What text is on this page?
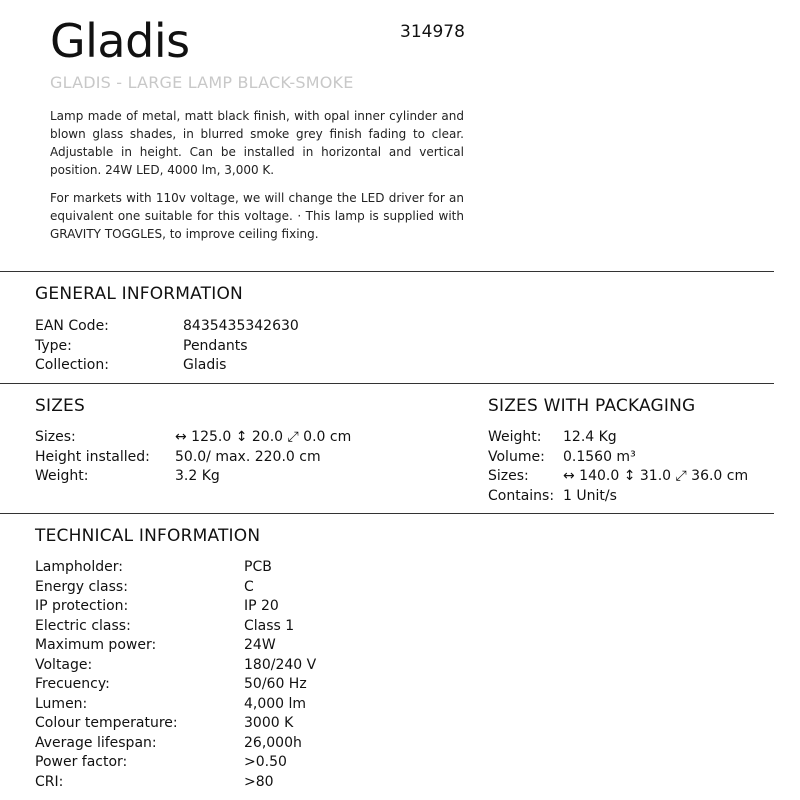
Gladis	314978
GLADIS - LARGE LAMP BLACK-SMOKE

Lamp made of metal, matt black finish, with opal inner cylinder and blown glass shades, in blurred smoke grey finish fading to clear. Adjustable in height. Can be installed in horizontal and vertical position. 24W LED, 4000 lm, 3,000 K.

For markets with 110v voltage, we will change the LED driver for an equivalent one suitable for this voltage. · This lamp is supplied with GRAVITY TOGGLES, to improve ceiling fixing.

GENERAL INFORMATION
EAN Code:	8435435342630
Type:	Pendants
Collection:	Gladis
SIZES
Sizes:	↔ 125.0 ↕ 20.0 ⤢ 0.0 cm
Height installed:	50.0/ max. 220.0 cm
Weight:	3.2 Kg
SIZES WITH PACKAGING
Weight:	12.4 Kg
Volume:	0.1560 m³
Sizes:	↔ 140.0 ↕ 31.0 ⤢ 36.0 cm
Contains: 1 Unit/s
TECHNICAL INFORMATION
Lampholder:	PCB
Energy class:	C
IP protection:	IP 20
Electric class:	Class 1
Maximum power:	24W
Voltage:	180/240 V
Frecuency:	50/60 Hz
Lumen:	4,000 lm
Colour temperature:	3000 K
Average lifespan:	26,000h
Power factor:	>0.50
CRI:	>80
